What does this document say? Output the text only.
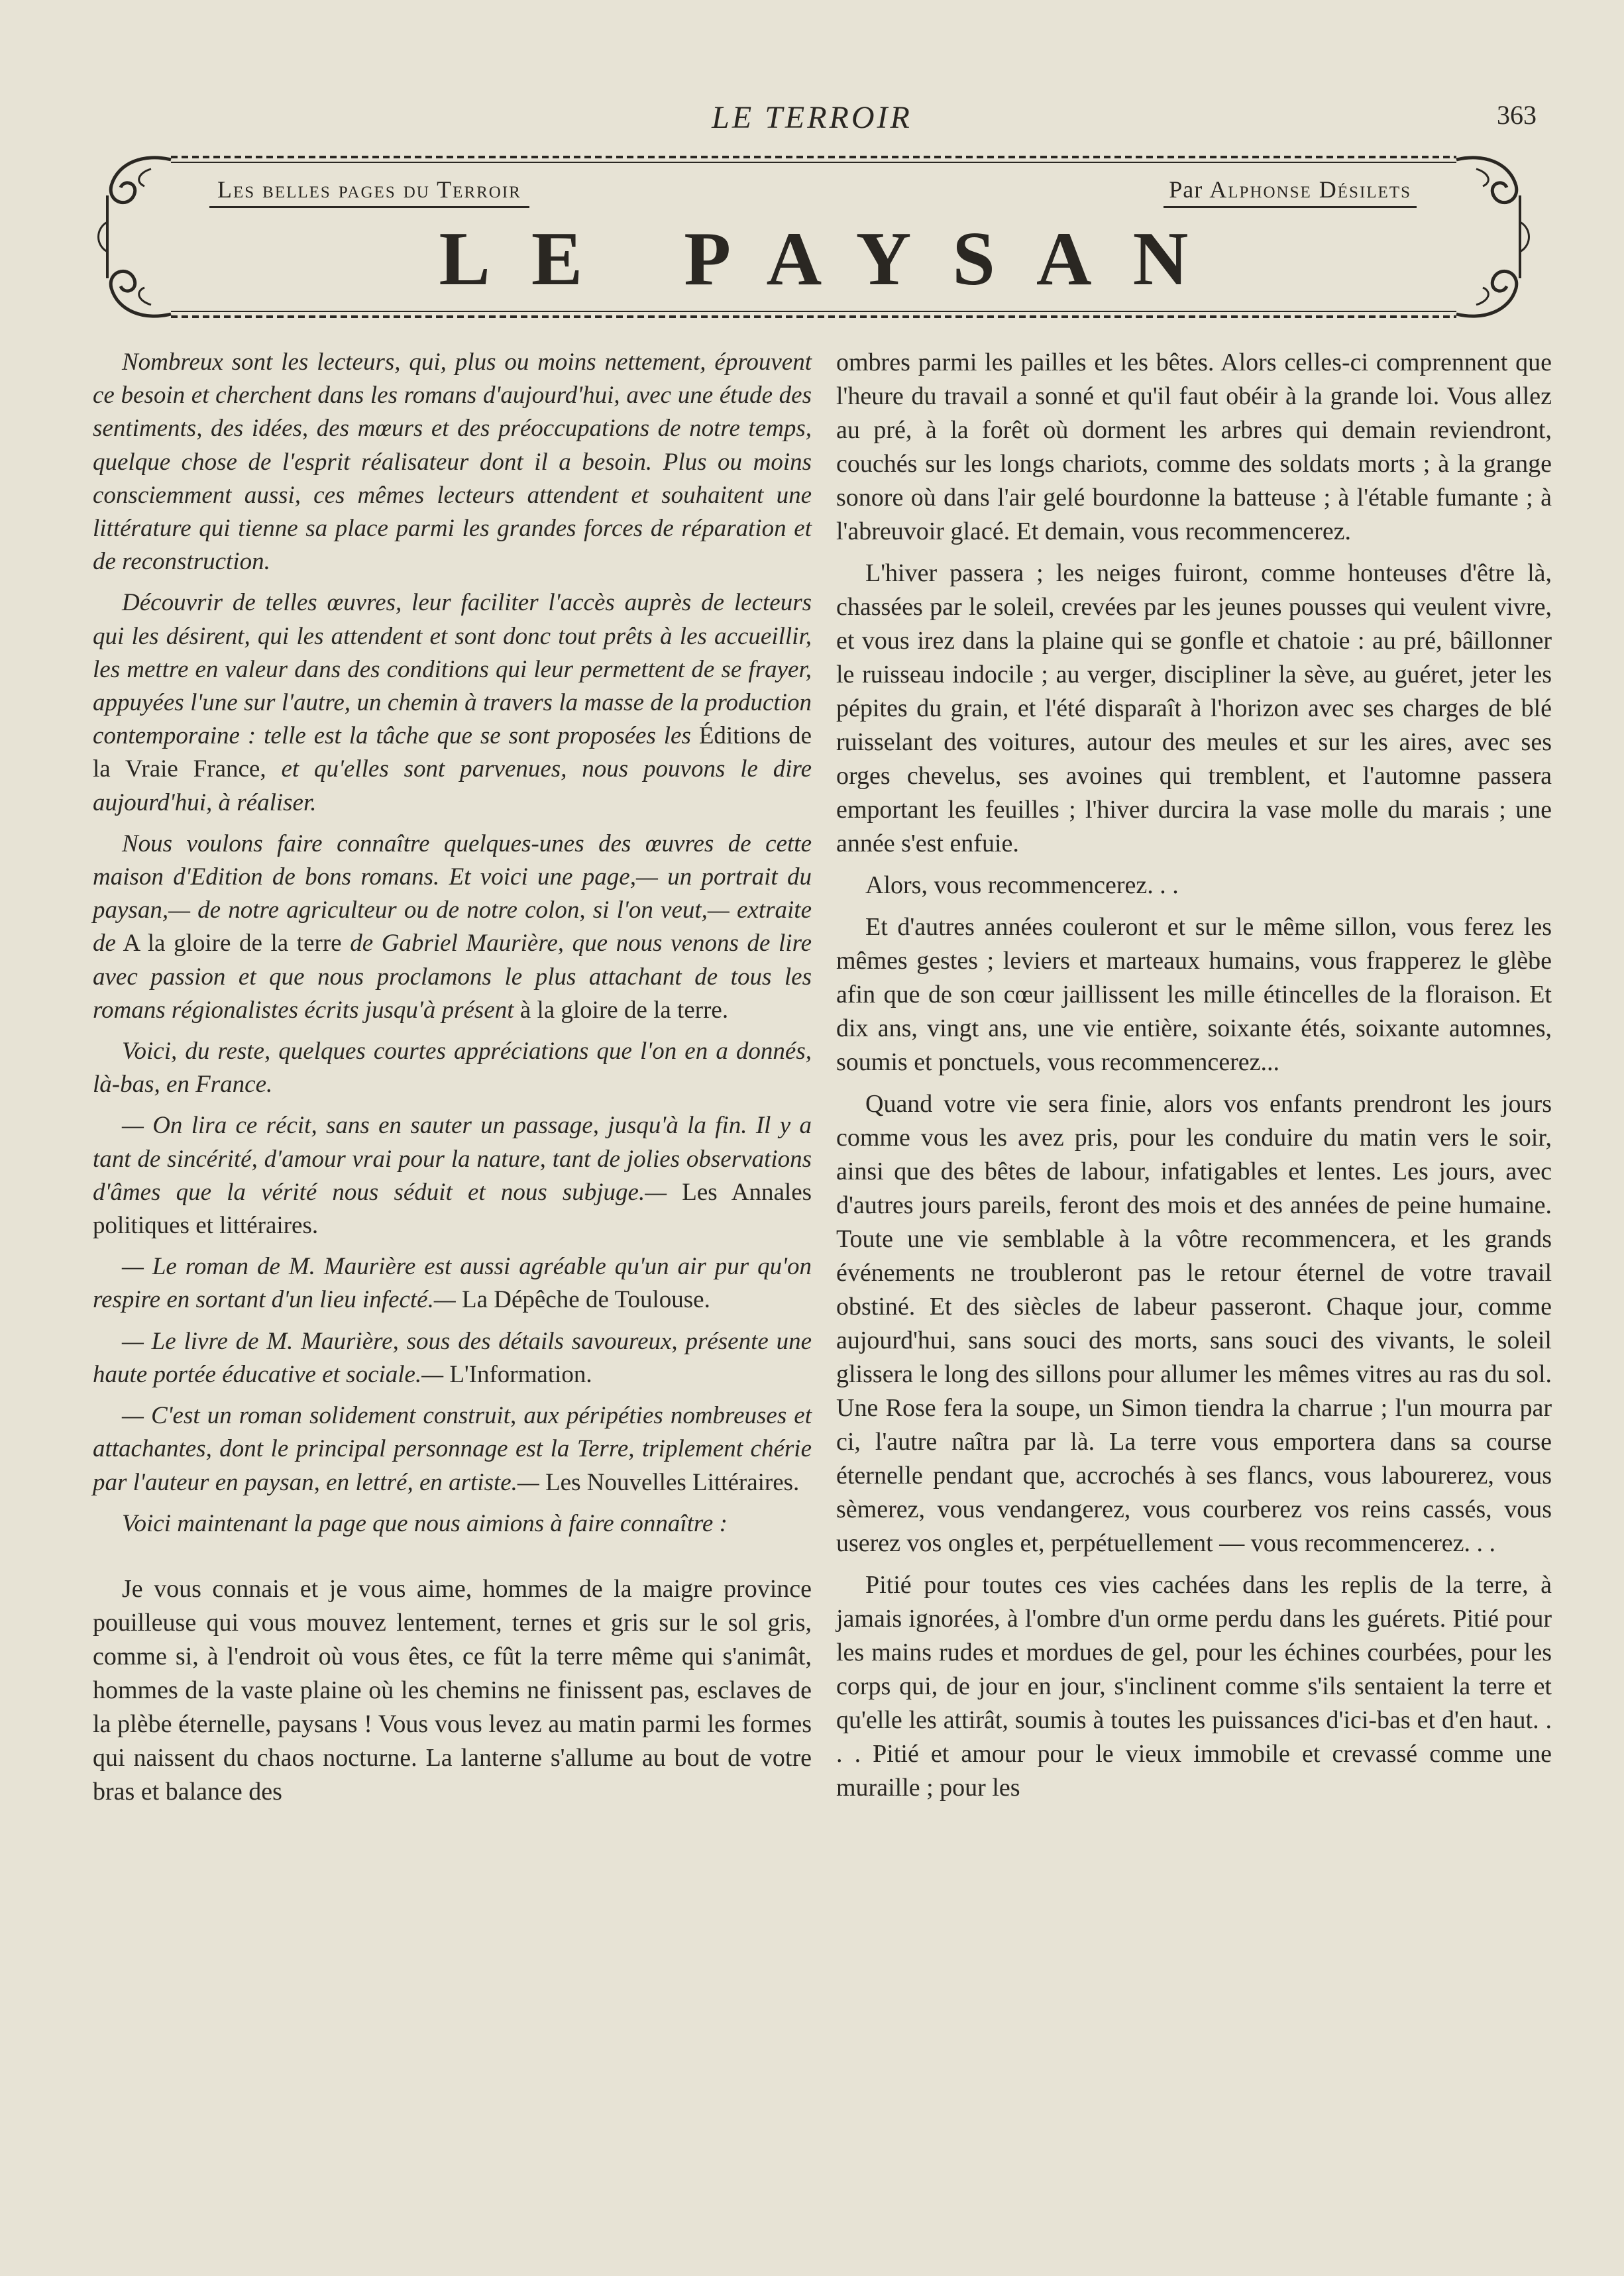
LE TERROIR	363
Les belles pages du Terroir	Par Alphonse Désilets
LE PAYSAN

Nombreux sont les lecteurs, qui, plus ou moins nettement, éprouvent ce besoin et cherchent dans les romans d'aujourd'hui, avec une étude des sentiments, des idées, des mœurs et des préoccupations de notre temps, quelque chose de l'esprit réalisateur dont il a besoin. Plus ou moins consciemment aussi, ces mêmes lecteurs attendent et souhaitent une littérature qui tienne sa place parmi les grandes forces de réparation et de reconstruction.

Découvrir de telles œuvres, leur faciliter l'accès auprès de lecteurs qui les désirent, qui les attendent et sont donc tout prêts à les accueillir, les mettre en valeur dans des conditions qui leur permettent de se frayer, appuyées l'une sur l'autre, un chemin à travers la masse de la production contemporaine : telle est la tâche que se sont proposées les Éditions de la Vraie France, et qu'elles sont parvenues, nous pouvons le dire aujourd'hui, à réaliser.

Nous voulons faire connaître quelques-unes des œuvres de cette maison d'Edition de bons romans. Et voici une page,— un portrait du paysan,— de notre agriculteur ou de notre colon, si l'on veut,— extraite de A la gloire de la terre de Gabriel Maurière, que nous venons de lire avec passion et que nous proclamons le plus attachant de tous les romans régionalistes écrits jusqu'à présent à la gloire de la terre.

Voici, du reste, quelques courtes appréciations que l'on en a donnés, là-bas, en France.

— On lira ce récit, sans en sauter un passage, jusqu'à la fin. Il y a tant de sincérité, d'amour vrai pour la nature, tant de jolies observations d'âmes que la vérité nous séduit et nous subjuge.— Les Annales politiques et littéraires.

— Le roman de M. Maurière est aussi agréable qu'un air pur qu'on respire en sortant d'un lieu infecté.— La Dépêche de Toulouse.

— Le livre de M. Maurière, sous des détails savoureux, présente une haute portée éducative et sociale.— L'Information.

— C'est un roman solidement construit, aux péripéties nombreuses et attachantes, dont le principal personnage est la Terre, triplement chérie par l'auteur en paysan, en lettré, en artiste.— Les Nouvelles Littéraires.

Voici maintenant la page que nous aimions à faire connaître :

Je vous connais et je vous aime, hommes de la maigre province pouilleuse qui vous mouvez lentement, ternes et gris sur le sol gris, comme si, à l'endroit où vous êtes, ce fût la terre même qui s'animât, hommes de la vaste plaine où les chemins ne finissent pas, esclaves de la plèbe éternelle, paysans ! Vous vous levez au matin parmi les formes qui naissent du chaos nocturne. La lanterne s'allume au bout de votre bras et balance des

ombres parmi les pailles et les bêtes. Alors celles-ci comprennent que l'heure du travail a sonné et qu'il faut obéir à la grande loi. Vous allez au pré, à la forêt où dorment les arbres qui demain reviendront, couchés sur les longs chariots, comme des soldats morts ; à la grange sonore où dans l'air gelé bourdonne la batteuse ; à l'étable fumante ; à l'abreuvoir glacé. Et demain, vous recommencerez.

L'hiver passera ; les neiges fuiront, comme honteuses d'être là, chassées par le soleil, crevées par les jeunes pousses qui veulent vivre, et vous irez dans la plaine qui se gonfle et chatoie : au pré, bâillonner le ruisseau indocile ; au verger, discipliner la sève, au guéret, jeter les pépites du grain, et l'été disparaît à l'horizon avec ses charges de blé ruisselant des voitures, autour des meules et sur les aires, avec ses orges chevelus, ses avoines qui tremblent, et l'automne passera emportant les feuilles ; l'hiver durcira la vase molle du marais ; une année s'est enfuie.

Alors, vous recommencerez. . .

Et d'autres années couleront et sur le même sillon, vous ferez les mêmes gestes ; leviers et marteaux humains, vous frapperez le glèbe afin que de son cœur jaillissent les mille étincelles de la floraison. Et dix ans, vingt ans, une vie entière, soixante étés, soixante automnes, soumis et ponctuels, vous recommencerez...

Quand votre vie sera finie, alors vos enfants prendront les jours comme vous les avez pris, pour les conduire du matin vers le soir, ainsi que des bêtes de labour, infatigables et lentes. Les jours, avec d'autres jours pareils, feront des mois et des années de peine humaine. Toute une vie semblable à la vôtre recommencera, et les grands événements ne troubleront pas le retour éternel de votre travail obstiné. Et des siècles de labeur passeront. Chaque jour, comme aujourd'hui, sans souci des morts, sans souci des vivants, le soleil glissera le long des sillons pour allumer les mêmes vitres au ras du sol. Une Rose fera la soupe, un Simon tiendra la charrue ; l'un mourra par ci, l'autre naîtra par là. La terre vous emportera dans sa course éternelle pendant que, accrochés à ses flancs, vous labourerez, vous sèmerez, vous vendangerez, vous courberez vos reins cassés, vous userez vos ongles et, perpétuellement — vous recommencerez. . .

Pitié pour toutes ces vies cachées dans les replis de la terre, à jamais ignorées, à l'ombre d'un orme perdu dans les guérets. Pitié pour les mains rudes et mordues de gel, pour les échines courbées, pour les corps qui, de jour en jour, s'inclinent comme s'ils sentaient la terre et qu'elle les attirât, soumis à toutes les puissances d'ici-bas et d'en haut. . . . Pitié et amour pour le vieux immobile et crevassé comme une muraille ; pour les
